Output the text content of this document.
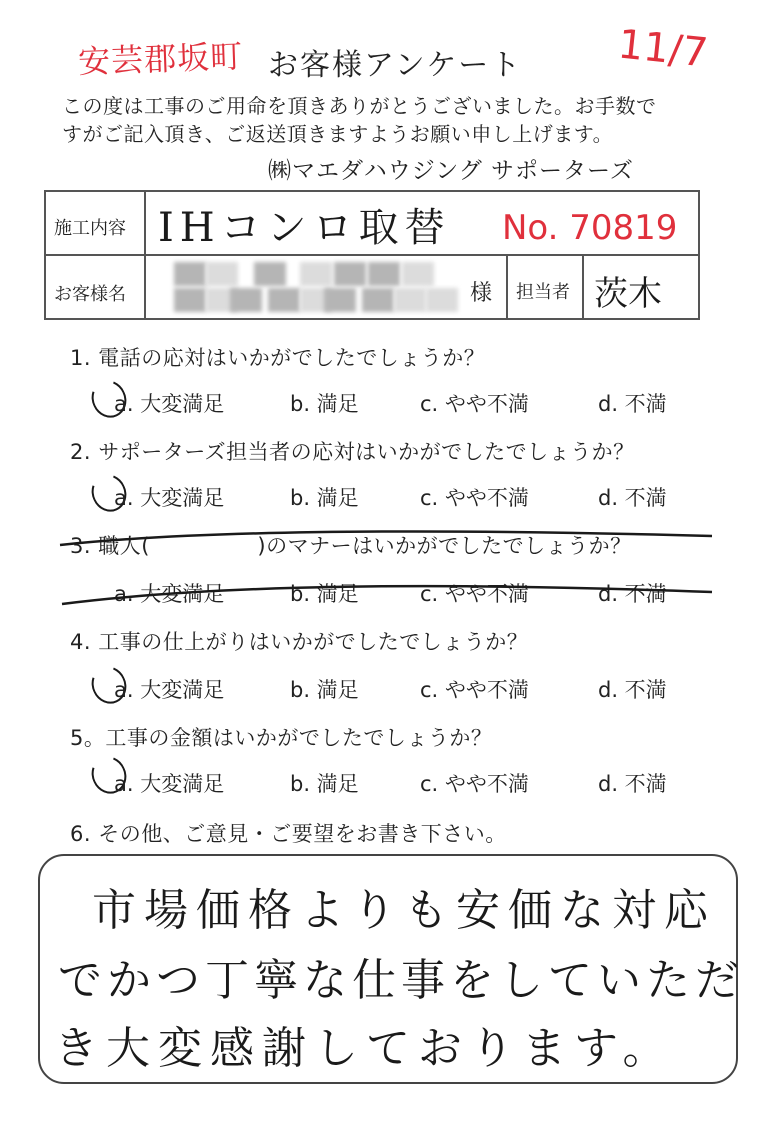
安芸郡坂町 お客様アンケート 11/7
この度は工事のご用命を頂きありがとうございました。お手数で
すがご記入頂き、ご返送頂きますようお願い申し上げます。
㈱マエダハウジング サポーターズ
施工内容 IHコンロ取替 No. 70819
お客様名	様 担当者 茨木
1. 電話の応対はいかがでしたでしょうか？
a. 大変満足	b. 満足	c. やや不満	d. 不満
2. サポーターズ担当者の応対はいかがでしたでしょうか？
a. 大変満足	b. 満足	c. やや不満	d. 不満
3. 職人(　　　　　)のマナーはいかがでしたでしょうか？
a. 大変満足	b. 満足	c. やや不満	d. 不満
4. 工事の仕上がりはいかがでしたでしょうか？
a. 大変満足	b. 満足	c. やや不満	d. 不満
5。工事の金額はいかがでしたでしょうか？
a. 大変満足	b. 満足	c. やや不満	d. 不満
6. その他、ご意見・ご要望をお書き下さい。
市場価格よりも安価な対応
でかつ丁寧な仕事をしていただ
き大変感謝しております。
